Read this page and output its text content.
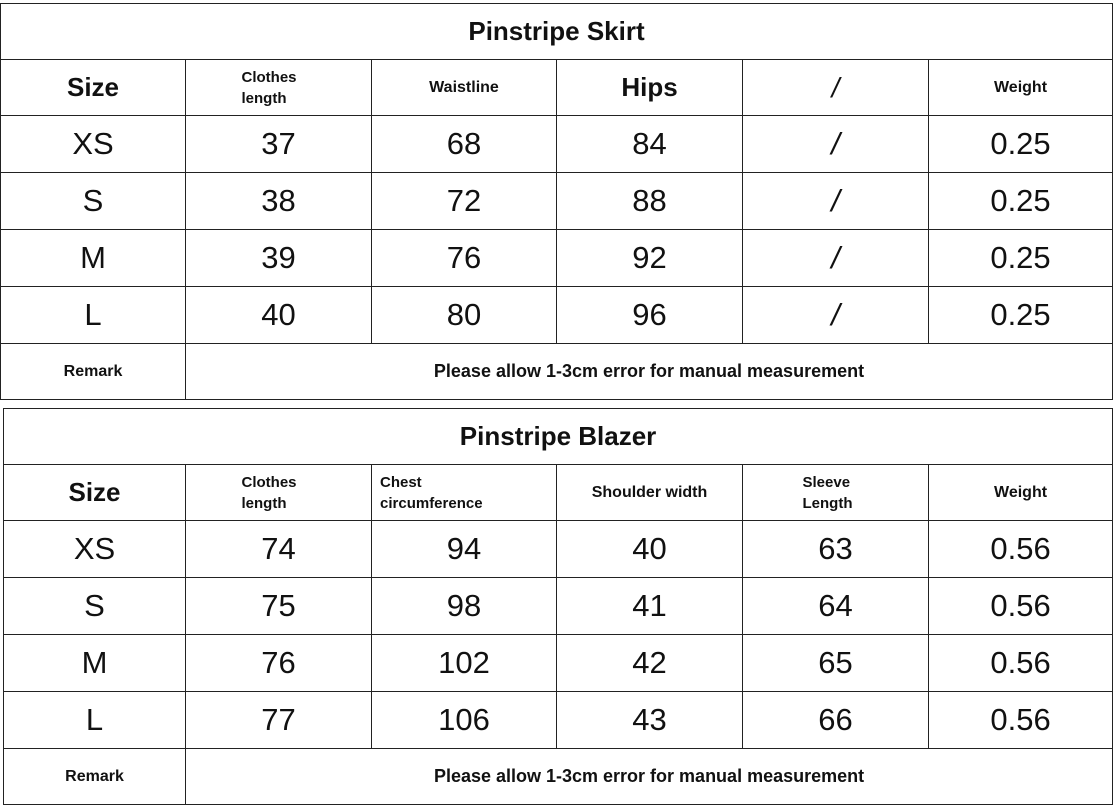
Pinstripe Skirt					
Size	Clothes length	Waistline	Hips	/	Weight
XS	37	68	84	/	0.25
S	38	72	88	/	0.25
M	39	76	92	/	0.25
L	40	80	96	/	0.25
Remark	Please allow 1-3cm error for manual measurement				
Pinstripe Blazer					
Size	Clothes length	Chest circumference	Shoulder width	Sleeve Length	Weight
XS	74	94	40	63	0.56
S	75	98	41	64	0.56
M	76	102	42	65	0.56
L	77	106	43	66	0.56
Remark	Please allow 1-3cm error for manual measurement				
